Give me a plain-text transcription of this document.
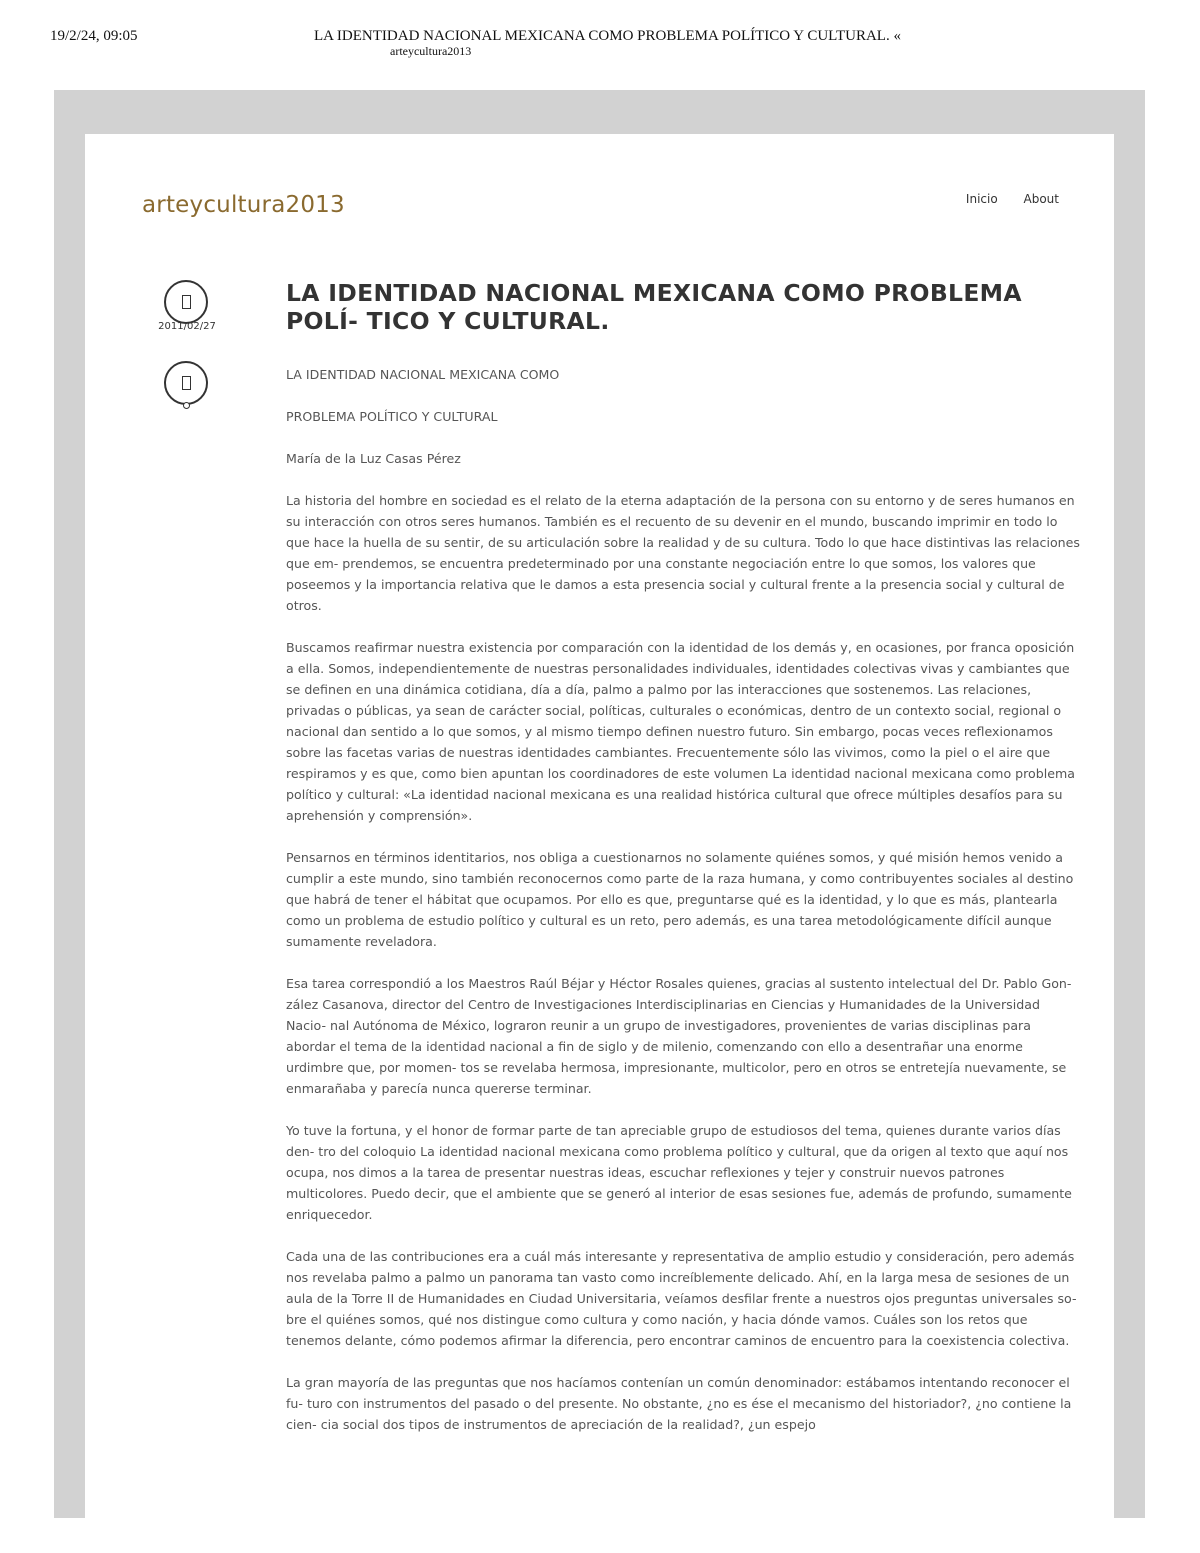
19/2/24, 09:05	LA IDENTIDAD NACIONAL MEXICANA COMO PROBLEMA POLÍTICO Y CULTURAL. «
arteycultura2013
arteycultura2013	Inicio About
2011/02/27
LA IDENTIDAD NACIONAL MEXICANA COMO PROBLEMA POLÍ- TICO Y CULTURAL.

LA IDENTIDAD NACIONAL MEXICANA COMO

PROBLEMA POLÍTICO Y CULTURAL

María de la Luz Casas Pérez

La historia del hombre en sociedad es el relato de la eterna adaptación de la persona con su entorno y de seres humanos en su interacción con otros seres humanos. También es el recuento de su devenir en el mundo, buscando imprimir en todo lo que hace la huella de su sentir, de su articulación sobre la realidad y de su cultura. Todo lo que hace distintivas las relaciones que em- prendemos, se encuentra predeterminado por una constante negociación entre lo que somos, los valores que poseemos y la importancia relativa que le damos a esta presencia social y cultural frente a la presencia social y cultural de otros.

Buscamos reafirmar nuestra existencia por comparación con la identidad de los demás y, en ocasiones, por franca oposición a ella. Somos, independientemente de nuestras personalidades individuales, identidades colectivas vivas y cambiantes que se definen en una dinámica cotidiana, día a día, palmo a palmo por las interacciones que sostenemos. Las relaciones, privadas o públicas, ya sean de carácter social, políticas, culturales o económicas, dentro de un contexto social, regional o nacional dan sentido a lo que somos, y al mismo tiempo definen nuestro futuro. Sin embargo, pocas veces reflexionamos sobre las facetas varias de nuestras identidades cambiantes. Frecuentemente sólo las vivimos, como la piel o el aire que respiramos y es que, como bien apuntan los coordinadores de este volumen La identidad nacional mexicana como problema político y cultural: «La identidad nacional mexicana es una realidad histórica cultural que ofrece múltiples desafíos para su aprehensión y comprensión».

Pensarnos en términos identitarios, nos obliga a cuestionarnos no solamente quiénes somos, y qué misión hemos venido a cumplir a este mundo, sino también reconocernos como parte de la raza humana, y como contribuyentes sociales al destino que habrá de tener el hábitat que ocupamos. Por ello es que, preguntarse qué es la identidad, y lo que es más, plantearla como un problema de estudio político y cultural es un reto, pero además, es una tarea metodológicamente difícil aunque sumamente reveladora.

Esa tarea correspondió a los Maestros Raúl Béjar y Héctor Rosales quienes, gracias al sustento intelectual del Dr. Pablo Gon- zález Casanova, director del Centro de Investigaciones Interdisciplinarias en Ciencias y Humanidades de la Universidad Nacio- nal Autónoma de México, lograron reunir a un grupo de investigadores, provenientes de varias disciplinas para abordar el tema de la identidad nacional a fin de siglo y de milenio, comenzando con ello a desentrañar una enorme urdimbre que, por momen- tos se revelaba hermosa, impresionante, multicolor, pero en otros se entretejía nuevamente, se enmarañaba y parecía nunca quererse terminar.

Yo tuve la fortuna, y el honor de formar parte de tan apreciable grupo de estudiosos del tema, quienes durante varios días den- tro del coloquio La identidad nacional mexicana como problema político y cultural, que da origen al texto que aquí nos ocupa, nos dimos a la tarea de presentar nuestras ideas, escuchar reflexiones y tejer y construir nuevos patrones multicolores. Puedo decir, que el ambiente que se generó al interior de esas sesiones fue, además de profundo, sumamente enriquecedor.

Cada una de las contribuciones era a cuál más interesante y representativa de amplio estudio y consideración, pero además nos revelaba palmo a palmo un panorama tan vasto como increíblemente delicado. Ahí, en la larga mesa de sesiones de un aula de la Torre II de Humanidades en Ciudad Universitaria, veíamos desfilar frente a nuestros ojos preguntas universales so- bre el quiénes somos, qué nos distingue como cultura y como nación, y hacia dónde vamos. Cuáles son los retos que tenemos delante, cómo podemos afirmar la diferencia, pero encontrar caminos de encuentro para la coexistencia colectiva.

La gran mayoría de las preguntas que nos hacíamos contenían un común denominador: estábamos intentando reconocer el fu- turo con instrumentos del pasado o del presente. No obstante, ¿no es ése el mecanismo del historiador?, ¿no contiene la cien- cia social dos tipos de instrumentos de apreciación de la realidad?, ¿un espejo
